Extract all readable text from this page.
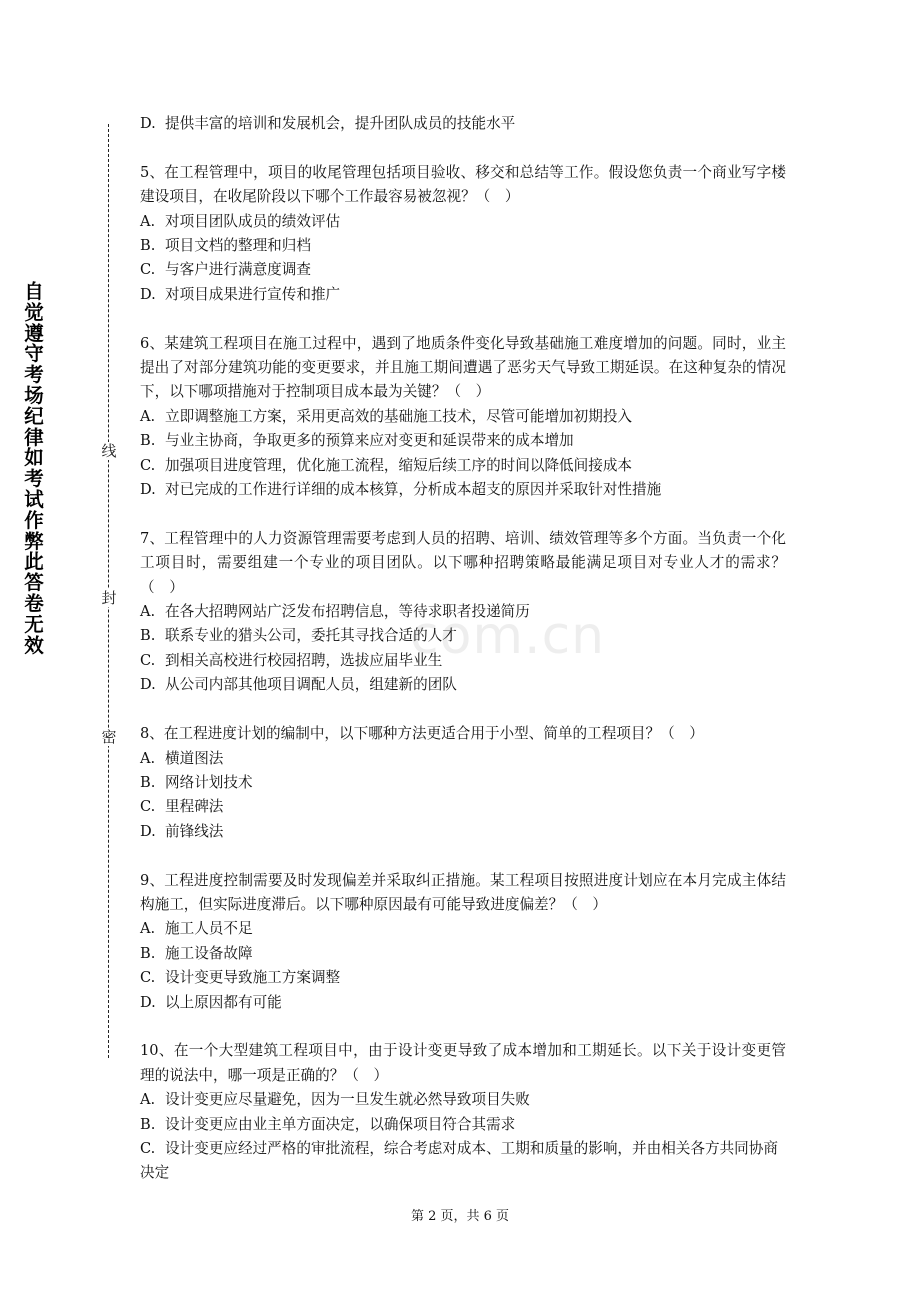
自觉遵守考场纪律如考试作弊此答卷无效
线
封
密
com.cn
D. 提供丰富的培训和发展机会，提升团队成员的技能水平
5、在工程管理中，项目的收尾管理包括项目验收、移交和总结等工作。假设您负责一个商业写字楼建设项目，在收尾阶段以下哪个工作最容易被忽视？（　）
A. 对项目团队成员的绩效评估
B. 项目文档的整理和归档
C. 与客户进行满意度调查
D. 对项目成果进行宣传和推广
6、某建筑工程项目在施工过程中，遇到了地质条件变化导致基础施工难度增加的问题。同时，业主提出了对部分建筑功能的变更要求，并且施工期间遭遇了恶劣天气导致工期延误。在这种复杂的情况下，以下哪项措施对于控制项目成本最为关键？（　）
A. 立即调整施工方案，采用更高效的基础施工技术，尽管可能增加初期投入
B. 与业主协商，争取更多的预算来应对变更和延误带来的成本增加
C. 加强项目进度管理，优化施工流程，缩短后续工序的时间以降低间接成本
D. 对已完成的工作进行详细的成本核算，分析成本超支的原因并采取针对性措施
7、工程管理中的人力资源管理需要考虑到人员的招聘、培训、绩效管理等多个方面。当负责一个化工项目时，需要组建一个专业的项目团队。以下哪种招聘策略最能满足项目对专业人才的需求？（　）
A. 在各大招聘网站广泛发布招聘信息，等待求职者投递简历
B. 联系专业的猎头公司，委托其寻找合适的人才
C. 到相关高校进行校园招聘，选拔应届毕业生
D. 从公司内部其他项目调配人员，组建新的团队
8、在工程进度计划的编制中，以下哪种方法更适合用于小型、简单的工程项目？（　）
A. 横道图法
B. 网络计划技术
C. 里程碑法
D. 前锋线法
9、工程进度控制需要及时发现偏差并采取纠正措施。某工程项目按照进度计划应在本月完成主体结构施工，但实际进度滞后。以下哪种原因最有可能导致进度偏差？（　）
A. 施工人员不足
B. 施工设备故障
C. 设计变更导致施工方案调整
D. 以上原因都有可能
10、在一个大型建筑工程项目中，由于设计变更导致了成本增加和工期延长。以下关于设计变更管理的说法中，哪一项是正确的？（　）
A. 设计变更应尽量避免，因为一旦发生就必然导致项目失败
B. 设计变更应由业主单方面决定，以确保项目符合其需求
C. 设计变更应经过严格的审批流程，综合考虑对成本、工期和质量的影响，并由相关各方共同协商决定
第 2 页，共 6 页
